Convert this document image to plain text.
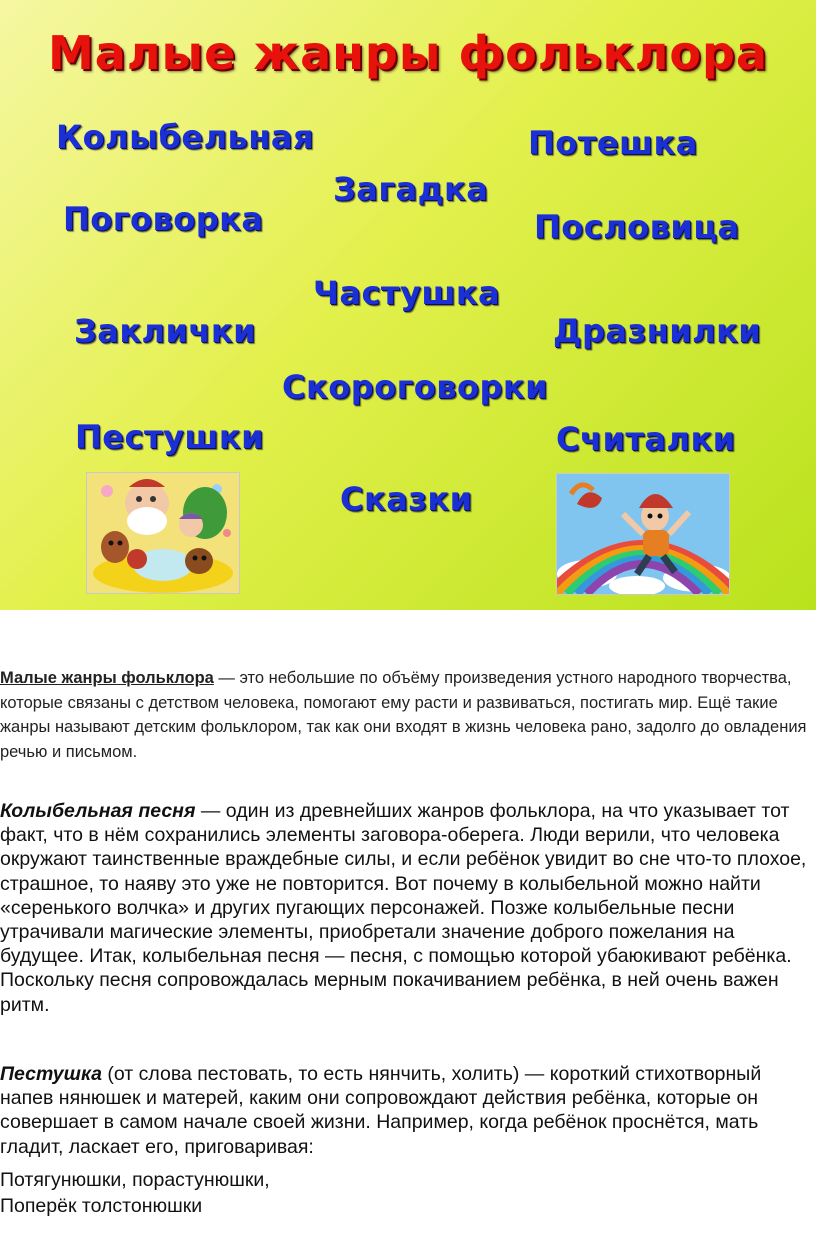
Малые жанры фольклора
Колыбельная	Потешка
Загадка
Поговорка	Пословица
Частушка
Заклички	Дразнилки
Скороговорки
Пестушки	Считалки
Сказки

Малые жанры фольклора — это небольшие по объёму произведения устного народного творчества, которые связаны с детством человека, помогают ему расти и развиваться, постигать мир. Ещё такие жанры называют детским фольклором, так как они входят в жизнь человека рано, задолго до овладения речью и письмом.

Колыбельная песня — один из древнейших жанров фольклора, на что указывает тот факт, что в нём сохранились элементы заговора-оберега. Люди верили, что человека окружают таинственные враждебные силы, и если ребёнок увидит во сне что-то плохое, страшное, то наяву это уже не повторится. Вот почему в колыбельной можно найти «серенького волчка» и других пугающих персонажей. Позже колыбельные песни утрачивали магические элементы, приобретали значение доброго пожелания на будущее. Итак, колыбельная песня — песня, с помощью которой убаюкивают ребёнка. Поскольку песня сопровождалась мерным покачиванием ребёнка, в ней очень важен ритм.

Пестушка (от слова пестовать, то есть нянчить, холить) — короткий стихотворный напев нянюшек и матерей, каким они сопровождают действия ребёнка, которые он совершает в самом начале своей жизни. Например, когда ребёнок проснётся, мать гладит, ласкает его, приговаривая:

Потягунюшки, порастунюшки,
Поперёк толстонюшки
